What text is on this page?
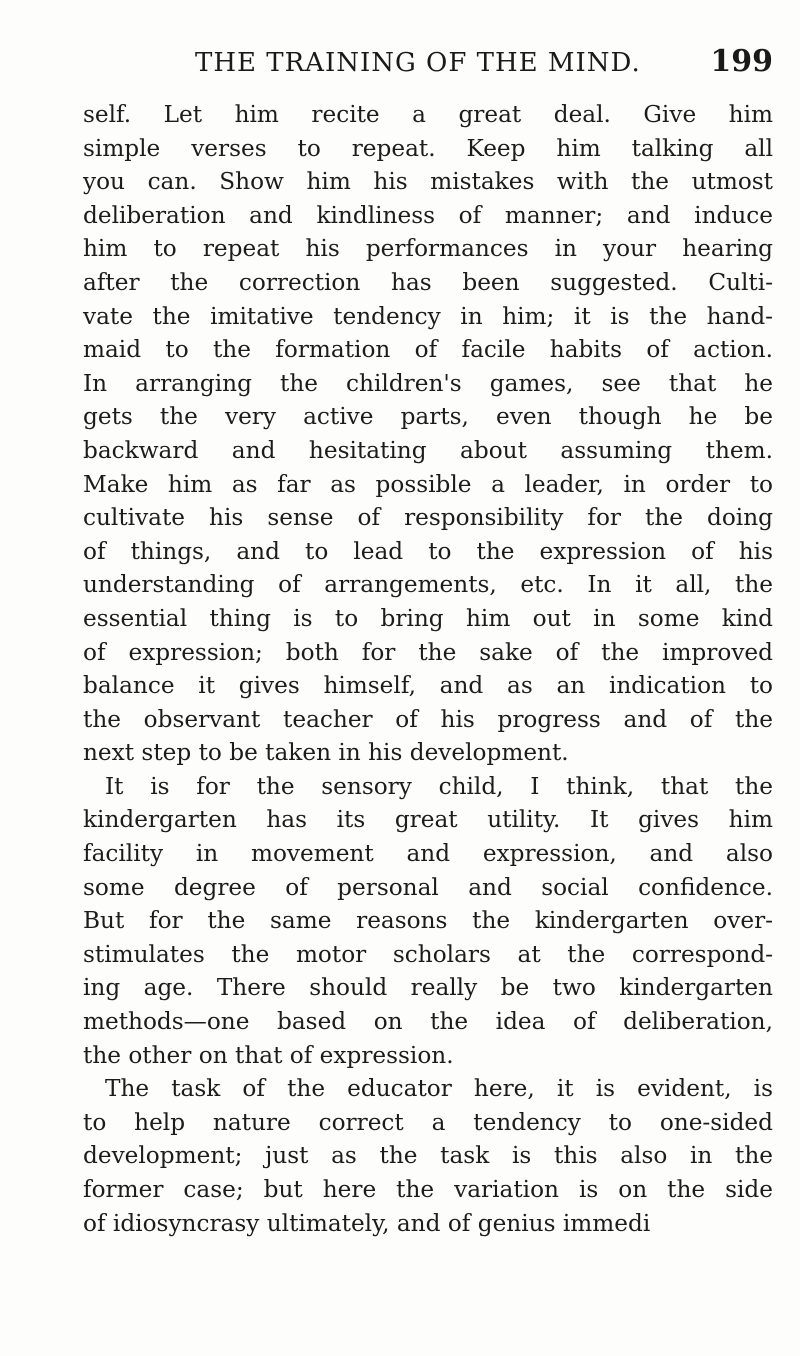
THE TRAINING OF THE MIND. 199
self. Let him recite a great deal. Give him
simple verses to repeat. Keep him talking all
you can. Show him his mistakes with the utmost
deliberation and kindliness of manner; and induce
him to repeat his performances in your hearing
after the correction has been suggested. Culti-
vate the imitative tendency in him; it is the hand-
maid to the formation of facile habits of action.
In arranging the children's games, see that he
gets the very active parts, even though he be
backward and hesitating about assuming them.
Make him as far as possible a leader, in order to
cultivate his sense of responsibility for the doing
of things, and to lead to the expression of his
understanding of arrangements, etc. In it all, the
essential thing is to bring him out in some kind
of expression; both for the sake of the improved
balance it gives himself, and as an indication to
the observant teacher of his progress and of the
next step to be taken in his development.
It is for the sensory child, I think, that the
kindergarten has its great utility. It gives him
facility in movement and expression, and also
some degree of personal and social confidence.
But for the same reasons the kindergarten over-
stimulates the motor scholars at the correspond-
ing age. There should really be two kindergarten
methods—one based on the idea of deliberation,
the other on that of expression.
The task of the educator here, it is evident, is
to help nature correct a tendency to one-sided
development; just as the task is this also in the
former case; but here the variation is on the side
of idiosyncrasy ultimately, and of genius immedi
